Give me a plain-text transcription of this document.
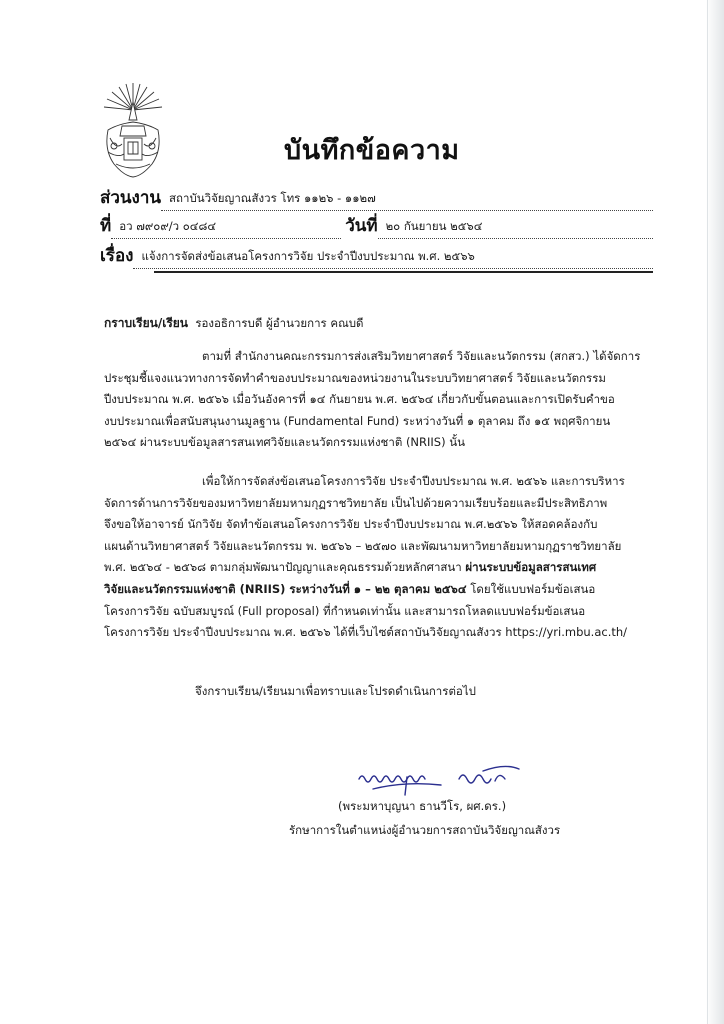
บันทึกข้อความ
ส่วนงาน สถาบันวิจัยญาณสังวร โทร ๑๑๒๖ - ๑๑๒๗
ที่ อว ๗๙๐๙/ว ๐๔๘๔	วันที่ ๒๐ กันยายน ๒๕๖๔
เรื่อง แจ้งการจัดส่งข้อเสนอโครงการวิจัย ประจำปีงบประมาณ พ.ศ. ๒๕๖๖
กราบเรียน/เรียน รองอธิการบดี ผู้อำนวยการ คณบดี
ตามที่ สำนักงานคณะกรรมการส่งเสริมวิทยาศาสตร์ วิจัยและนวัตกรรม (สกสว.) ได้จัดการ
ประชุมชี้แจงแนวทางการจัดทำคำของบประมาณของหน่วยงานในระบบวิทยาศาสตร์ วิจัยและนวัตกรรม
ปีงบประมาณ พ.ศ. ๒๕๖๖ เมื่อวันอังคารที่ ๑๔ กันยายน พ.ศ. ๒๕๖๔ เกี่ยวกับขั้นตอนและการเปิดรับคำขอ
งบประมาณเพื่อสนับสนุนงานมูลฐาน (Fundamental Fund) ระหว่างวันที่ ๑ ตุลาคม ถึง ๑๕ พฤศจิกายน
๒๕๖๔ ผ่านระบบข้อมูลสารสนเทศวิจัยและนวัตกรรมแห่งชาติ (NRIIS) นั้น
เพื่อให้การจัดส่งข้อเสนอโครงการวิจัย ประจำปีงบประมาณ พ.ศ. ๒๕๖๖ และการบริหาร
จัดการด้านการวิจัยของมหาวิทยาลัยมหามกุฏราชวิทยาลัย เป็นไปด้วยความเรียบร้อยและมีประสิทธิภาพ
จึงขอให้อาจารย์ นักวิจัย จัดทำข้อเสนอโครงการวิจัย ประจำปีงบประมาณ พ.ศ.๒๕๖๖ ให้สอดคล้องกับ
แผนด้านวิทยาศาสตร์ วิจัยและนวัตกรรม พ. ๒๕๖๖ – ๒๕๗๐ และพัฒนามหาวิทยาลัยมหามกุฏราชวิทยาลัย
พ.ศ. ๒๕๖๔ - ๒๕๖๘ ตามกลุ่มพัฒนาปัญญาและคุณธรรมด้วยหลักศาสนา ผ่านระบบข้อมูลสารสนเทศ
วิจัยและนวัตกรรมแห่งชาติ (NRIIS) ระหว่างวันที่ ๑ – ๒๒ ตุลาคม ๒๕๖๔ โดยใช้แบบฟอร์มข้อเสนอ
โครงการวิจัย ฉบับสมบูรณ์ (Full proposal) ที่กำหนดเท่านั้น และสามารถโหลดแบบฟอร์มข้อเสนอ
โครงการวิจัย ประจำปีงบประมาณ พ.ศ. ๒๕๖๖ ได้ที่เว็บไซต์สถาบันวิจัยญาณสังวร https://yri.mbu.ac.th/
จึงกราบเรียน/เรียนมาเพื่อทราบและโปรดดำเนินการต่อไป
(พระมหาบุญนา ธานวีโร, ผศ.ดร.)
รักษาการในตำแหน่งผู้อำนวยการสถาบันวิจัยญาณสังวร
